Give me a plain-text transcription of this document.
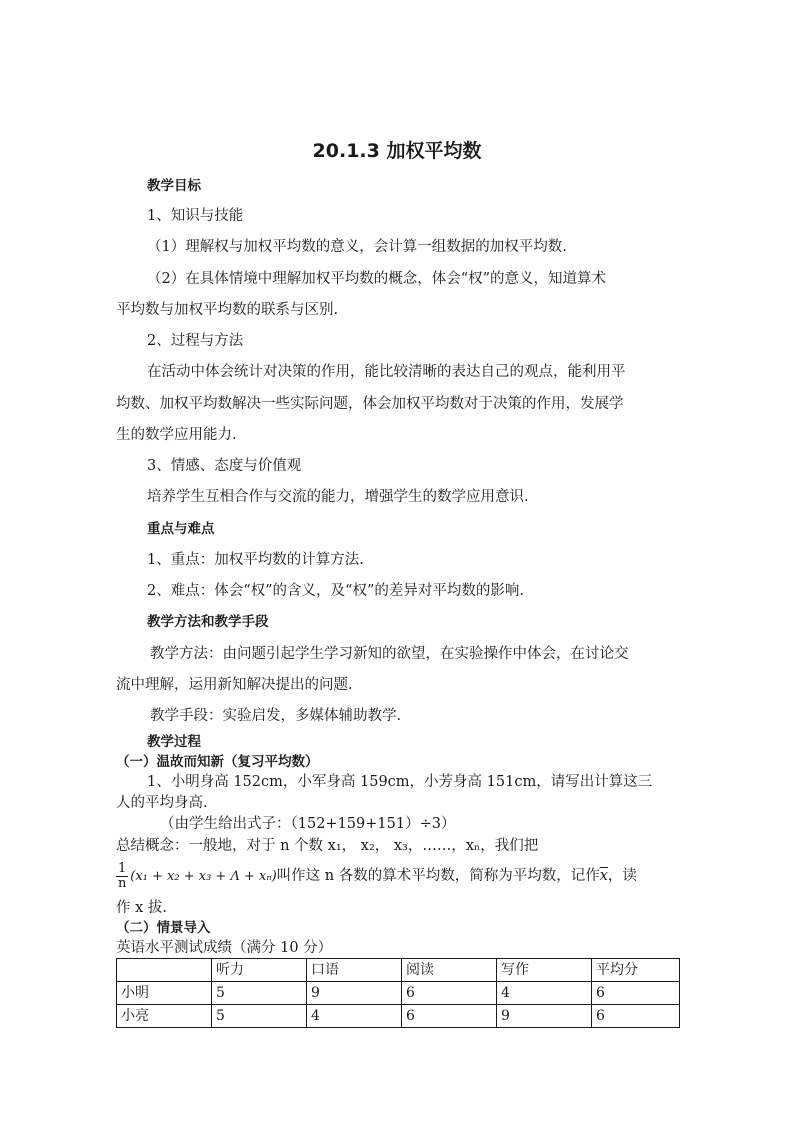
20.1.3 加权平均数
教学目标
1、知识与技能
（1）理解权与加权平均数的意义，会计算一组数据的加权平均数.
（2）在具体情境中理解加权平均数的概念，体会“权”的意义，知道算术
平均数与加权平均数的联系与区别.
2、过程与方法
在活动中体会统计对决策的作用，能比较清晰的表达自己的观点，能利用平
均数、加权平均数解决一些实际问题，体会加权平均数对于决策的作用，发展学
生的数学应用能力.
3、情感、态度与价值观
培养学生互相合作与交流的能力，增强学生的数学应用意识.
重点与难点
1、重点：加权平均数的计算方法.
2、难点：体会“权”的含义，及“权”的差异对平均数的影响.
教学方法和教学手段
教学方法：由问题引起学生学习新知的欲望，在实验操作中体会，在讨论交
流中理解，运用新知解决提出的问题.
教学手段：实验启发，多媒体辅助教学.
教学过程
（一）温故而知新（复习平均数）
1、小明身高 152cm，小军身高 159cm，小芳身高 151cm，请写出计算这三
人的平均身高.
（由学生给出式子：（152+159+151）÷3）
总结概念：一般地，对于 n 个数 x₁， x₂， x₃，……，xₙ，我们把
$\frac{1}{n} (x_1 + x_2 + x_3 + \Lambda + x_n)$叫作这 n 各数的算术平均数，简称为平均数，记作$\overline{x}$，读
作 x 拔.
（二）情景导入
英语水平测试成绩（满分 10 分）
	听力	口语	阅读	写作	平均分
小明	5	9	6	4	6
小亮	5	4	6	9	6
